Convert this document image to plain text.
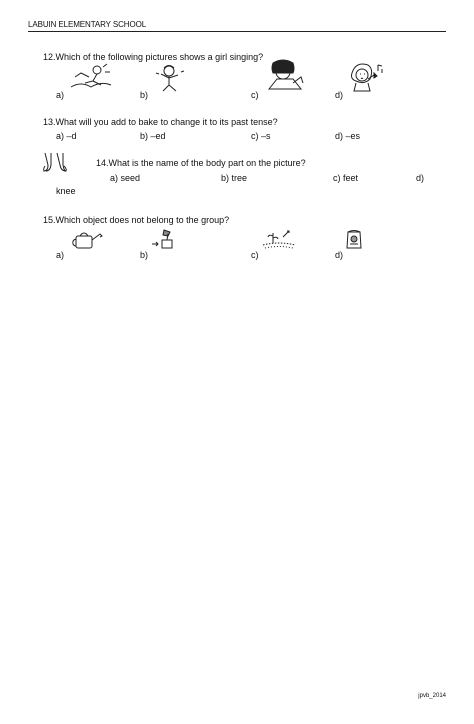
LABUIN ELEMENTARY SCHOOL
12.Which of the following pictures shows a girl singing?
a)	b)	c)	d)
13.What will you add to bake to change it to its past tense?
a) –d	b) –ed	c) –s	d) –es
14.What is the name of the body part on the picture?
a) seed	b) tree	c) feet	d)
knee
15.Which object does not belong to the group?
a)	b)	c)	d)
jpvb_2014
